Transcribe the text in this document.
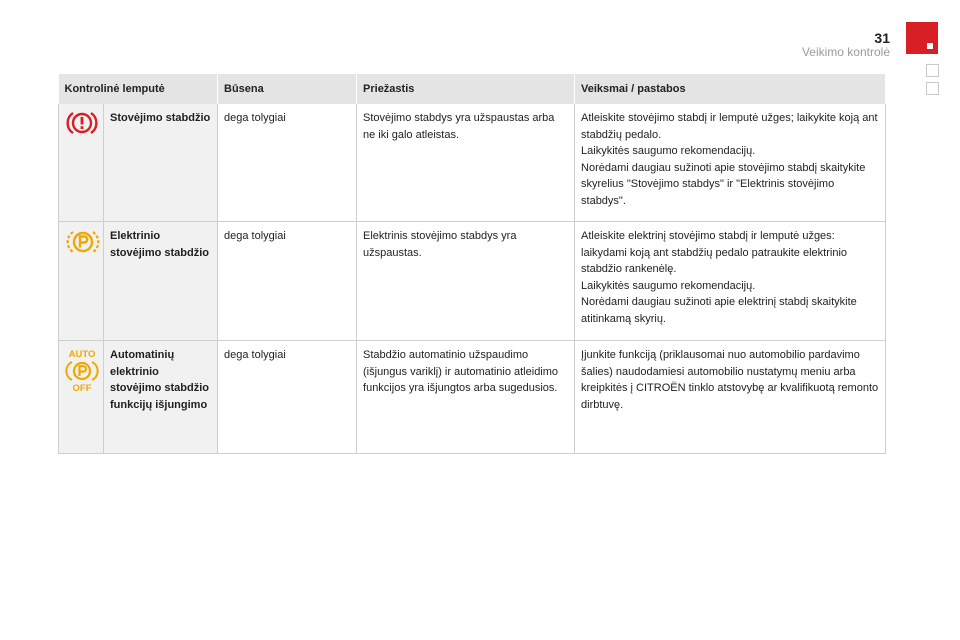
31
Veikimo kontrolė
Kontrolinė lemputė		Būsena	Priežastis	Veiksmai / pastabos
	Stovėjimo stabdžio	dega tolygiai	Stovėjimo stabdys yra užspaustas arba ne iki galo atleistas.	Atleiskite stovėjimo stabdį ir lemputė užges; laikykite koją ant stabdžių pedalo.
Laikykitės saugumo rekomendacijų.
Norėdami daugiau sužinoti apie stovėjimo stabdį skaitykite skyrelius "Stovėjimo stabdys" ir "Elektrinis stovėjimo stabdys".

	Elektrinio stovėjimo stabdžio	dega tolygiai	Elektrinis stovėjimo stabdys yra užspaustas.	Atleiskite elektrinį stovėjimo stabdį ir lemputė užges: laikydami koją ant stabdžių pedalo patraukite elektrinio stabdžio rankenėlę.
Laikykitės saugumo rekomendacijų.
Norėdami daugiau sužinoti apie elektrinį stabdį skaitykite atitinkamą skyrių.

AUTO
OFF	Automatinių elektrinio stovėjimo stabdžio funkcijų išjungimo	dega tolygiai	Stabdžio automatinio užspaudimo (išjungus variklį) ir automatinio atleidimo funkcijos yra išjungtos arba sugedusios.	Įjunkite funkciją (priklausomai nuo automobilio pardavimo šalies) naudodamiesi automobilio nustatymų meniu arba kreipkitės į CITROËN tinklo atstovybę ar kvalifikuotą remonto dirbtuvę.
